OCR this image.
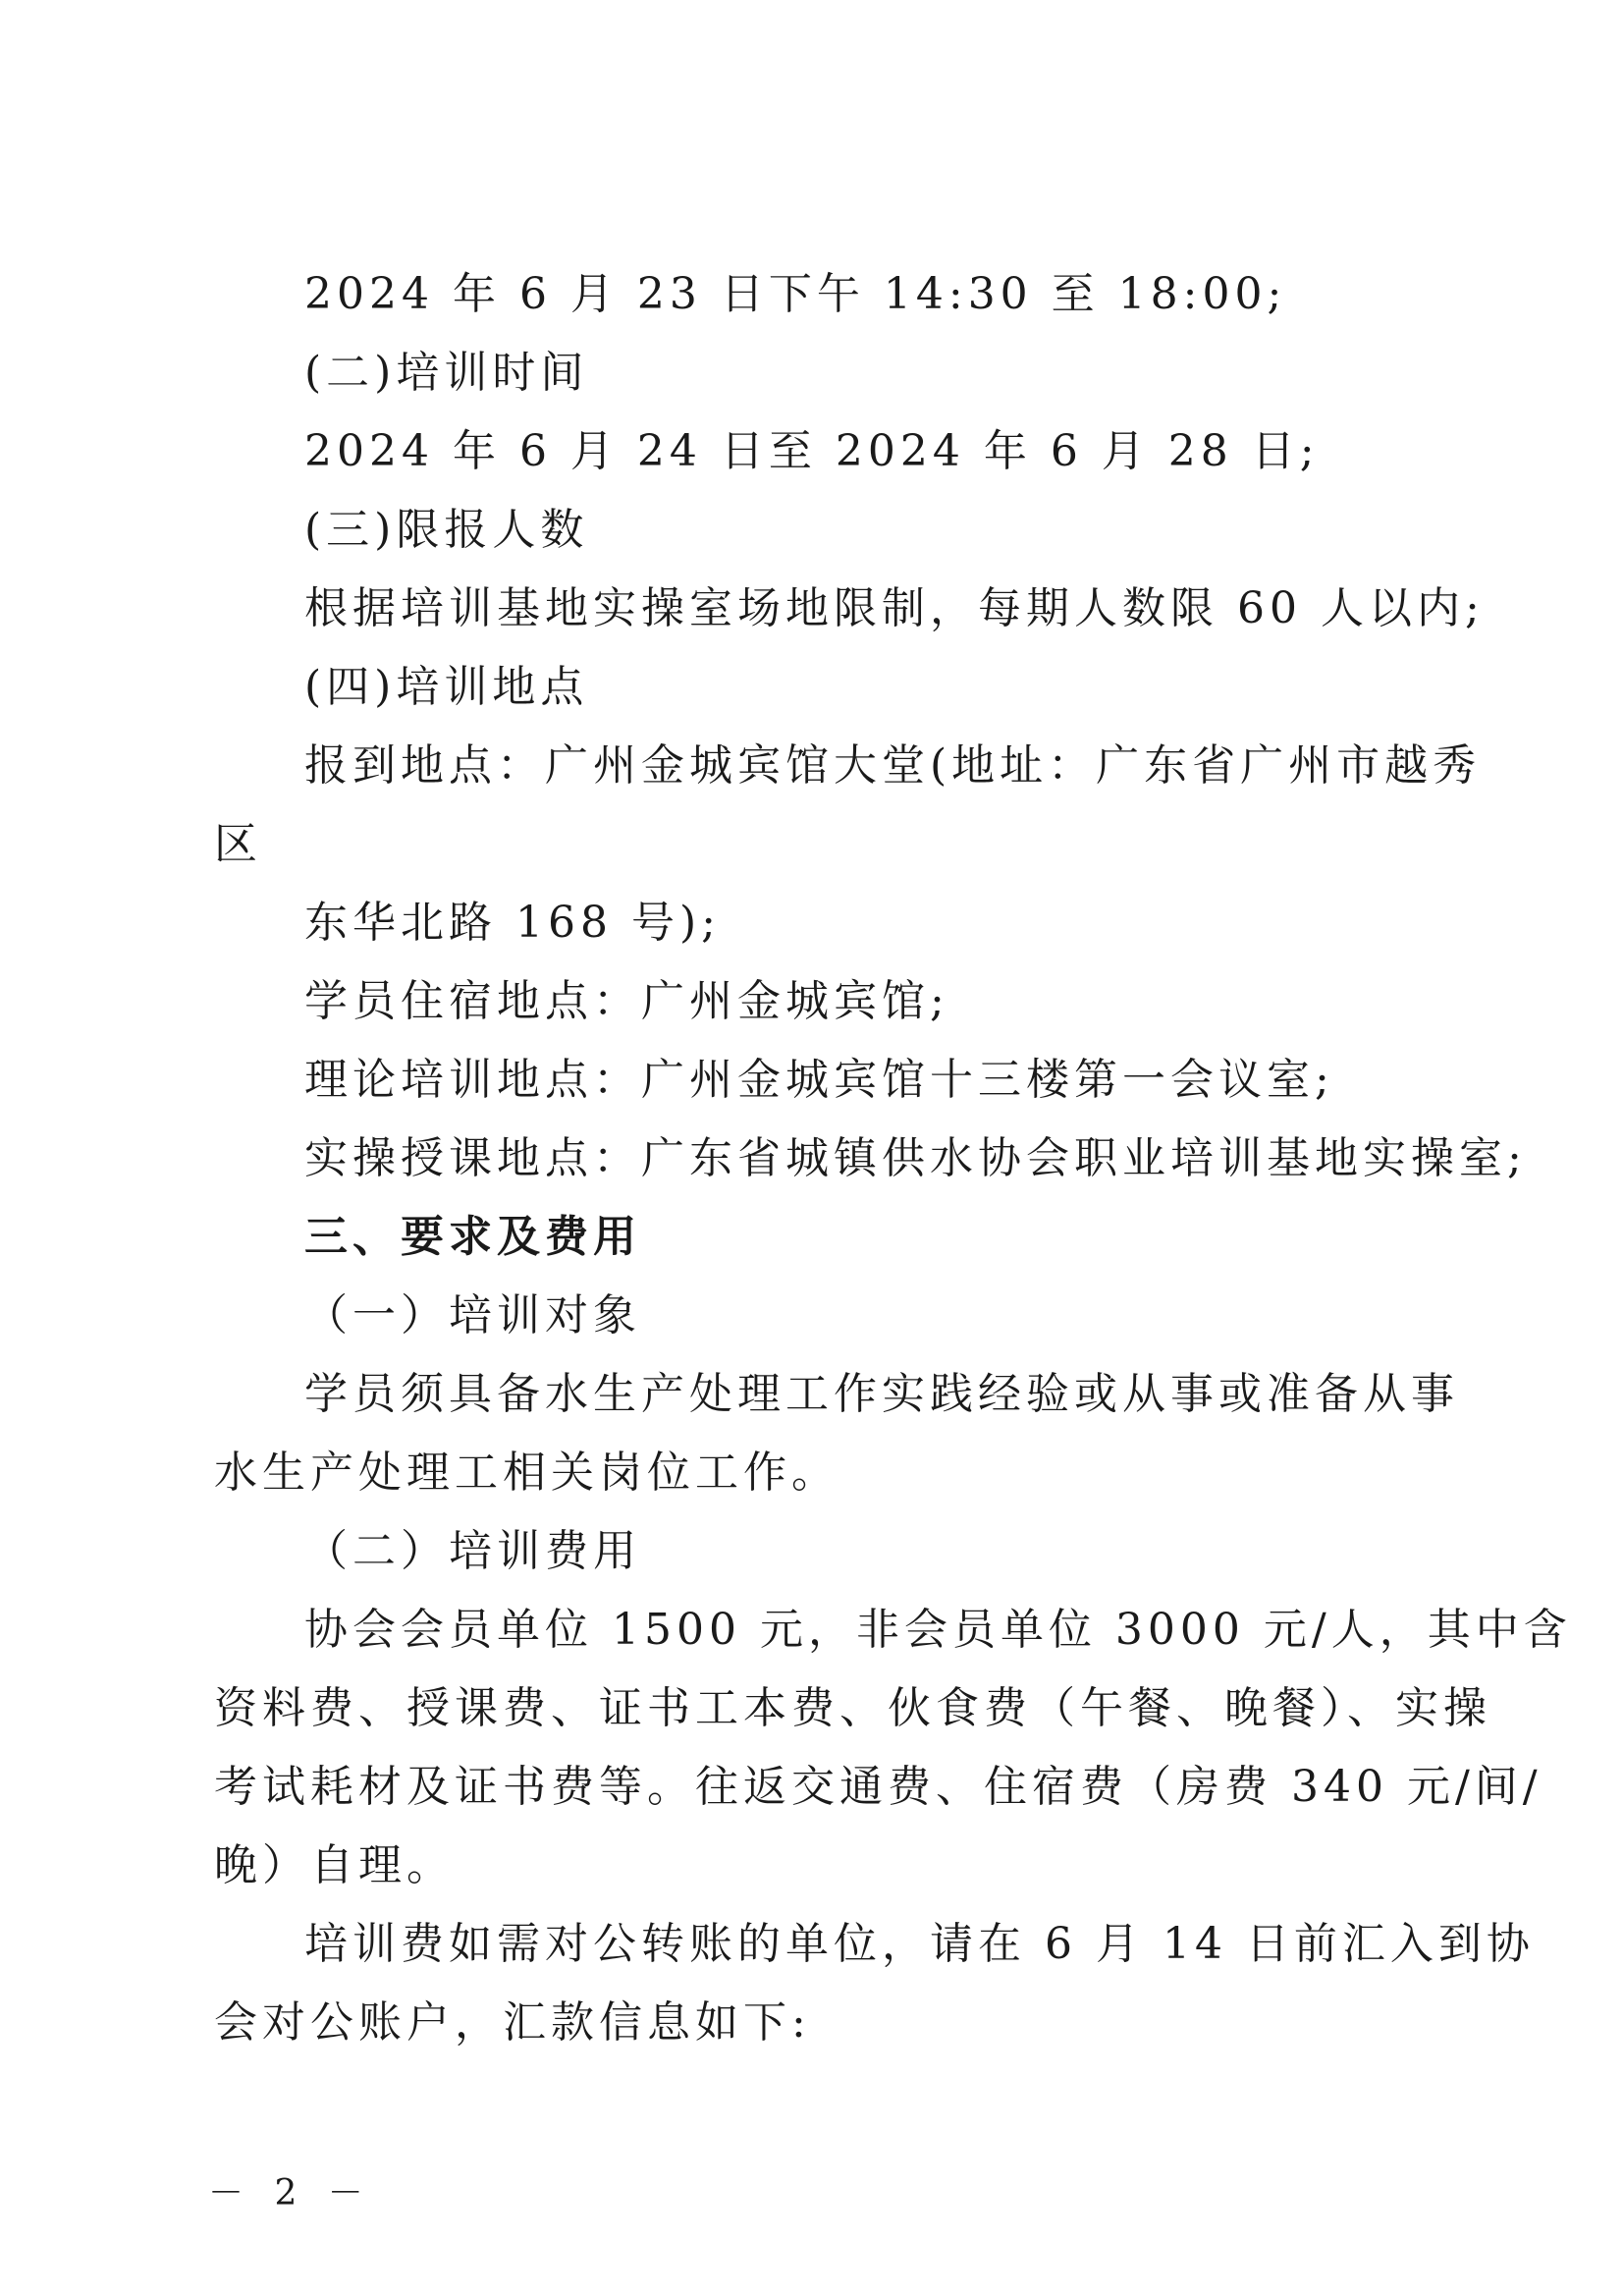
2024 年 6 月 23 日下午 14:30 至 18:00;
(二)培训时间
2024 年 6 月 24 日至 2024 年 6 月 28 日;
(三)限报人数
根据培训基地实操室场地限制，每期人数限 60 人以内;
(四)培训地点
报到地点：广州金城宾馆大堂(地址：广东省广州市越秀
区
东华北路 168 号);
学员住宿地点：广州金城宾馆;
理论培训地点：广州金城宾馆十三楼第一会议室;
实操授课地点：广东省城镇供水协会职业培训基地实操室;
三、要求及费用
（一）培训对象
学员须具备水生产处理工作实践经验或从事或准备从事
水生产处理工相关岗位工作。
（二）培训费用
协会会员单位 1500 元，非会员单位 3000 元/人，其中含
资料费、授课费、证书工本费、伙食费（午餐、晚餐）、实操
考试耗材及证书费等。往返交通费、住宿费（房费 340 元/间/
晚）自理。
培训费如需对公转账的单位，请在 6 月 14 日前汇入到协
会对公账户，汇款信息如下:
－ 2 －
